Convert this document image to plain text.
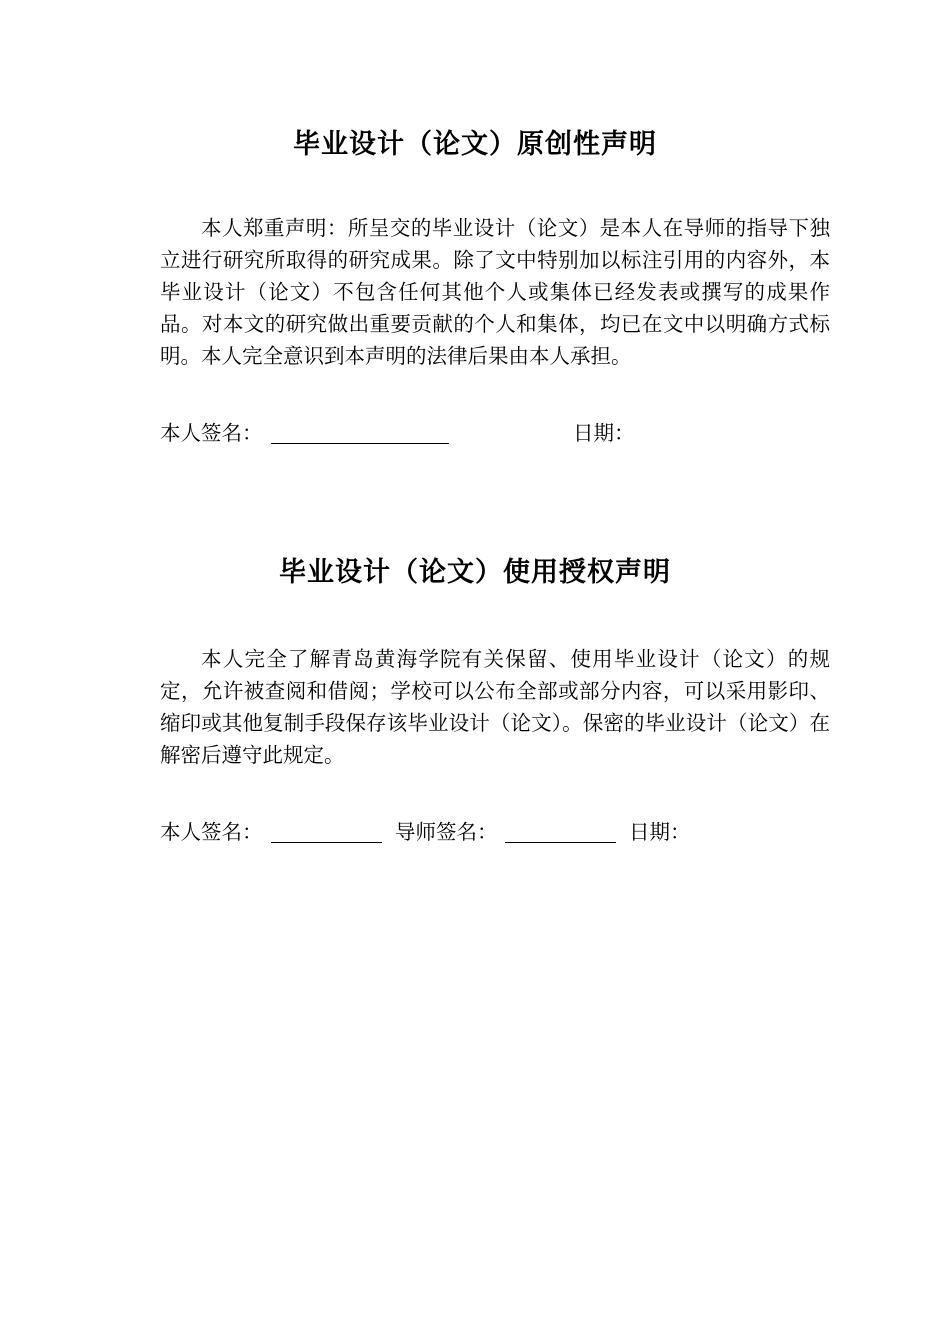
毕业设计（论文）原创性声明

本人郑重声明：所呈交的毕业设计（论文）是本人在导师的指导下独立进行研究所取得的研究成果。除了文中特别加以标注引用的内容外，本毕业设计（论文）不包含任何其他个人或集体已经发表或撰写的成果作品。对本文的研究做出重要贡献的个人和集体，均已在文中以明确方式标明。本人完全意识到本声明的法律后果由本人承担。

本人签名：	日期：
毕业设计（论文）使用授权声明

本人完全了解青岛黄海学院有关保留、使用毕业设计（论文）的规定，允许被查阅和借阅；学校可以公布全部或部分内容，可以采用影印、缩印或其他复制手段保存该毕业设计（论文）。保密的毕业设计（论文）在解密后遵守此规定。

本人签名：	导师签名：	日期：
